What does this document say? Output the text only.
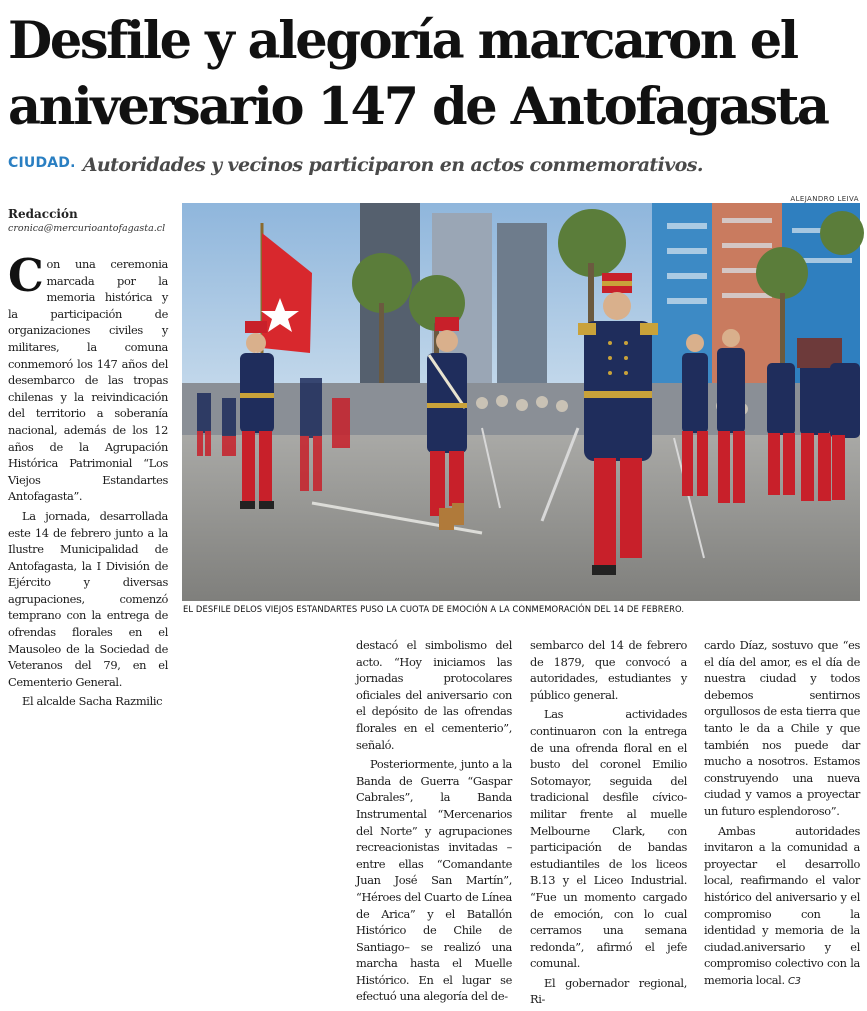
Desfile y alegoría marcaron el
aniversario 147 de Antofagasta
CIUDAD. Autoridades y vecinos participaron en actos conmemorativos.
Redacción
cronica@mercurioantofagasta.cl
ALEJANDRO LEIVA
EL DESFILE DELOS VIEJOS ESTANDARTES PUSO LA CUOTA DE EMOCIÓN A LA CONMEMORACIÓN DEL 14 DE FEBRERO.

Con una ceremonia marcada por la memoria histórica y la participación de organizaciones civiles y militares, la comuna conmemoró los 147 años del desembarco de las tropas chilenas y la reivindicación del territorio a soberanía nacional, además de los 12 años de la Agrupación Histórica Patrimonial “Los Viejos Estandartes Antofagasta”.

La jornada, desarrollada este 14 de febrero junto a la Ilustre Municipalidad de Antofagasta, la I División de Ejército y diversas agrupaciones, comenzó temprano con la entrega de ofrendas florales en el Mausoleo de la Sociedad de Veteranos del 79, en el Cementerio General.

El alcalde Sacha Razmilic

destacó el simbolismo del acto. “Hoy iniciamos las jornadas protocolares oficiales del aniversario con el depósito de las ofrendas florales en el cementerio”, señaló.

Posteriormente, junto a la Banda de Guerra “Gaspar Cabrales”, la Banda Instrumental “Mercenarios del Norte” y agrupaciones recreacionistas invitadas –entre ellas “Comandante Juan José San Martín”, “Héroes del Cuarto de Línea de Arica” y el Batallón Histórico de Chile de Santiago– se realizó una marcha hasta el Muelle Histórico. En el lugar se efectuó una alegoría del de-

sembarco del 14 de febrero de 1879, que convocó a autoridades, estudiantes y público general.

Las actividades continuaron con la entrega de una ofrenda floral en el busto del coronel Emilio Sotomayor, seguida del tradicional desfile cívico-militar frente al muelle Melbourne Clark, con participación de bandas estudiantiles de los liceos B.13 y el Liceo Industrial. “Fue un momento cargado de emoción, con lo cual cerramos una semana redonda”, afirmó el jefe comunal.

El gobernador regional, Ri-

cardo Díaz, sostuvo que “es el día del amor, es el día de nuestra ciudad y todos debemos sentirnos orgullosos de esta tierra que tanto le da a Chile y que también nos puede dar mucho a nosotros. Estamos construyendo una nueva ciudad y vamos a proyectar un futuro esplendoroso”.

Ambas autoridades invitaron a la comunidad a proyectar el desarrollo local, reafirmando el valor histórico del aniversario y el compromiso con la identidad y memoria de la ciudad.aniversario y el compromiso colectivo con la memoria local. C3
